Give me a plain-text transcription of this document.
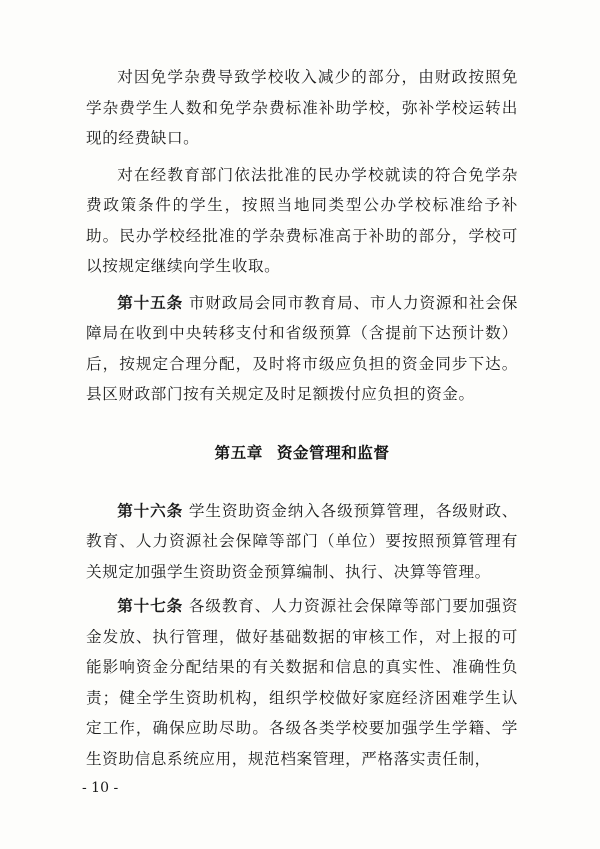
对因免学杂费导致学校收入减少的部分，由财政按照免学杂费学生人数和免学杂费标准补助学校，弥补学校运转出现的经费缺口。

对在经教育部门依法批准的民办学校就读的符合免学杂费政策条件的学生，按照当地同类型公办学校标准给予补助。民办学校经批准的学杂费标准高于补助的部分，学校可以按规定继续向学生收取。

第十五条 市财政局会同市教育局、市人力资源和社会保障局在收到中央转移支付和省级预算（含提前下达预计数）后，按规定合理分配，及时将市级应负担的资金同步下达。县区财政部门按有关规定及时足额拨付应负担的资金。

第五章 资金管理和监督

第十六条 学生资助资金纳入各级预算管理，各级财政、教育、人力资源社会保障等部门（单位）要按照预算管理有关规定加强学生资助资金预算编制、执行、决算等管理。

第十七条 各级教育、人力资源社会保障等部门要加强资金发放、执行管理，做好基础数据的审核工作，对上报的可能影响资金分配结果的有关数据和信息的真实性、准确性负责；健全学生资助机构，组织学校做好家庭经济困难学生认定工作，确保应助尽助。各级各类学校要加强学生学籍、学生资助信息系统应用，规范档案管理，严格落实责任制，

- 10 -
